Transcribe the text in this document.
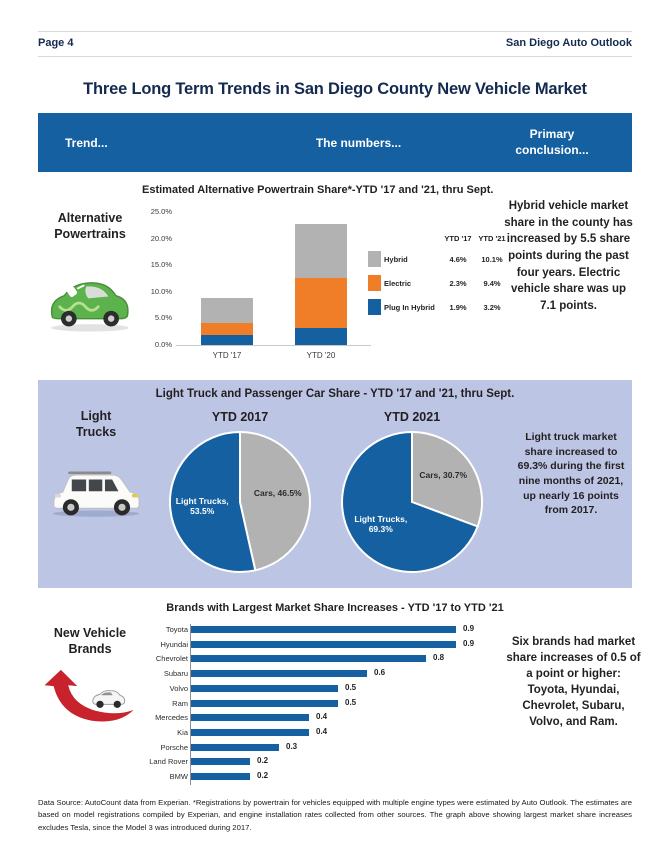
Page 4	San Diego Auto Outlook
Three Long Term Trends in San Diego County New Vehicle Market
Trend...	The numbers...
Primary conclusion...
Alternative Powertrains
Estimated Alternative Powertrain Share*-YTD '17 and '21, thru Sept.
0.0%
5.0%
10.0%
15.0%
20.0%
25.0%
YTD '17	YTD '20
YTD '17 YTD '21
Hybrid	4.6%	10.1%
Electric	2.3%	9.4%
Plug In Hybrid	1.9%	3.2%
Hybrid vehicle market share in the county has increased by 5.5 share points during the past four years. Electric vehicle share was up 7.1 points.
Light Truck and Passenger Car Share - YTD '17 and '21, thru Sept.
Light Trucks
YTD 2017
Cars, 46.5%
Light Trucks, 53.5%
YTD 2021
Cars, 30.7%
Light Trucks, 69.3%
Light truck market share increased to 69.3% during the first nine months of 2021, up nearly 16 points from 2017.
Brands with Largest Market Share Increases - YTD '17 to YTD '21
New Vehicle Brands
Toyota	0.9
Hyundai	0.9
Chevrolet	0.8
Subaru	0.6
Volvo	0.5
Ram	0.5
Mercedes	0.4
Kia	0.4
Porsche	0.3
Land Rover	0.2
BMW	0.2
Six brands had market share increases of 0.5 of a point or higher: Toyota, Hyundai, Chevrolet, Subaru, Volvo, and Ram.
Data Source: AutoCount data from Experian. *Registrations by powertrain for vehicles equipped with multiple engine types were estimated by Auto Outlook. The estimates are based on model registrations compiled by Experian, and engine installation rates collected from other sources. The graph above showing largest market share increases excludes Tesla, since the Model 3 was introduced during 2017.
